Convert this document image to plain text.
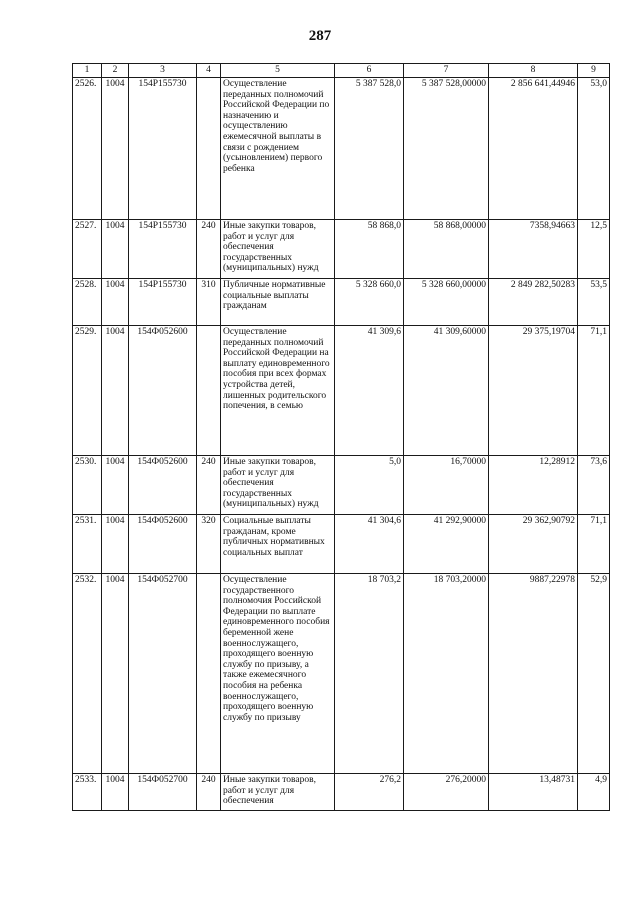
287
1	2	3	4	5	6	7	8	9
2526.	1004	154P155730		Осуществление переданных полномочий Российской Федерации по назначению и осуществлению ежемесячной выплаты в связи с рождением (усыновлением) первого ребенка	5 387 528,0	5 387 528,00000	2 856 641,44946	53,0
2527.	1004	154P155730	240	Иные закупки товаров, работ и услуг для обеспечения государственных (муниципальных) нужд	58 868,0	58 868,00000	7358,94663	12,5
2528.	1004	154P155730	310	Публичные нормативные социальные выплаты гражданам	5 328 660,0	5 328 660,00000	2 849 282,50283	53,5
2529.	1004	154Ф052600		Осуществление переданных полномочий Российской Федерации на выплату единовременного пособия при всех формах устройства детей, лишенных родительского попечения, в семью	41 309,6	41 309,60000	29 375,19704	71,1
2530.	1004	154Ф052600	240	Иные закупки товаров, работ и услуг для обеспечения государственных (муниципальных) нужд	5,0	16,70000	12,28912	73,6
2531.	1004	154Ф052600	320	Социальные выплаты гражданам, кроме публичных нормативных социальных выплат	41 304,6	41 292,90000	29 362,90792	71,1
2532.	1004	154Ф052700		Осуществление государственного полномочия Российской Федерации по выплате единовременного пособия беременной жене военнослужащего, проходящего военную службу по призыву, а также ежемесячного пособия на ребенка военнослужащего, проходящего военную службу по призыву	18 703,2	18 703,20000	9887,22978	52,9
2533.	1004	154Ф052700	240	Иные закупки товаров, работ и услуг для обеспечения	276,2	276,20000	13,48731	4,9
